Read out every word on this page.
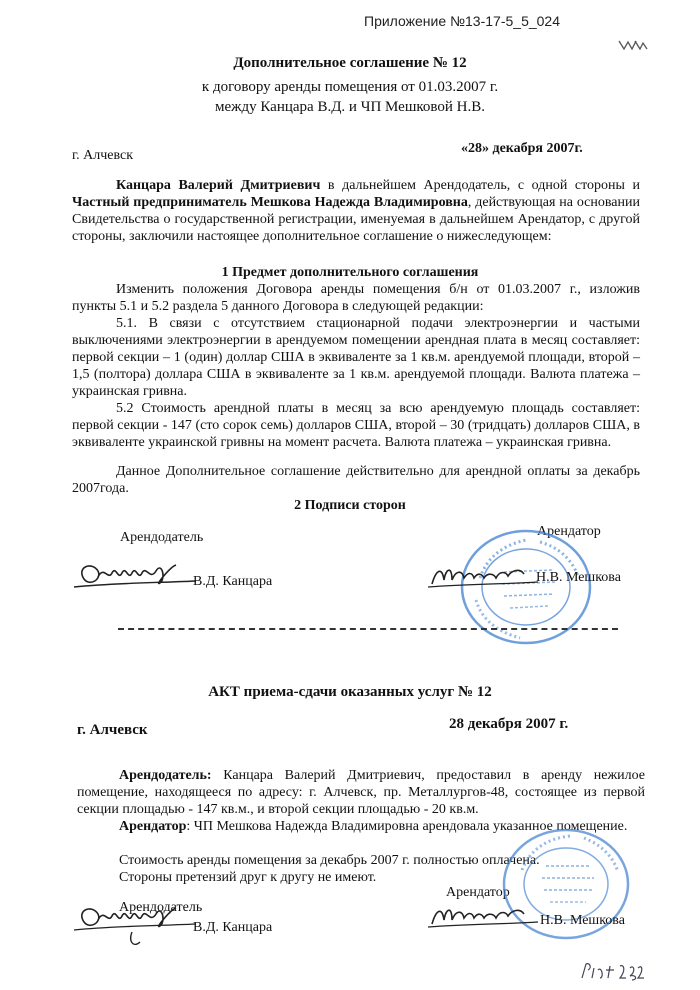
Приложение №13-17-5_5_024
Дополнительное соглашение № 12
к договору аренды помещения от 01.03.2007 г.
между Канцара В.Д. и ЧП Мешковой Н.В.
г. Алчевск	«28» декабря 2007г.
Канцара Валерий Дмитриевич в дальнейшем Арендодатель, с одной стороны и Частный предприниматель Мешкова Надежда Владимировна, действующая на основании Свидетельства о государственной регистрации, именуемая в дальнейшем Арендатор, с другой стороны, заключили настоящее дополнительное соглашение о нижеследующем:
1 Предмет дополнительного соглашения
Изменить положения Договора аренды помещения б/н от 01.03.2007 г., изложив пункты 5.1 и 5.2 раздела 5 данного Договора в следующей редакции:
5.1. В связи с отсутствием стационарной подачи электроэнергии и частыми выключениями электроэнергии в арендуемом помещении арендная плата в месяц составляет: первой секции – 1 (один) доллар США в эквиваленте за 1 кв.м. арендуемой площади, второй – 1,5 (полтора) доллара США в эквиваленте за 1 кв.м. арендуемой площади. Валюта платежа – украинская гривна.
5.2 Стоимость арендной платы в месяц за всю арендуемую площадь составляет: первой секции - 147 (сто сорок семь) долларов США, второй – 30 (тридцать) долларов США, в эквиваленте украинской гривны на момент расчета. Валюта платежа – украинская гривна.
Данное Дополнительное соглашение действительно для арендной оплаты за декабрь 2007года.
2 Подписи сторон
Арендодатель	Арендатор
В.Д. Канцара	Н.В. Мешкова
АКТ приема-сдачи оказанных услуг № 12
г. Алчевск	28 декабря 2007 г.
Арендодатель: Канцара Валерий Дмитриевич, предоставил в аренду нежилое помещение, находящееся по адресу: г. Алчевск, пр. Металлургов-48, состоящее из первой секции площадью - 147 кв.м., и второй секции площадью - 20 кв.м.
Арендатор: ЧП Мешкова Надежда Владимировна арендовала указанное помещение.
Стоимость аренды помещения за декабрь 2007 г. полностью оплачена.
Стороны претензий друг к другу не имеют.
Арендодатель
Арендатор
В.Д. Канцара	Н.В. Мешкова
